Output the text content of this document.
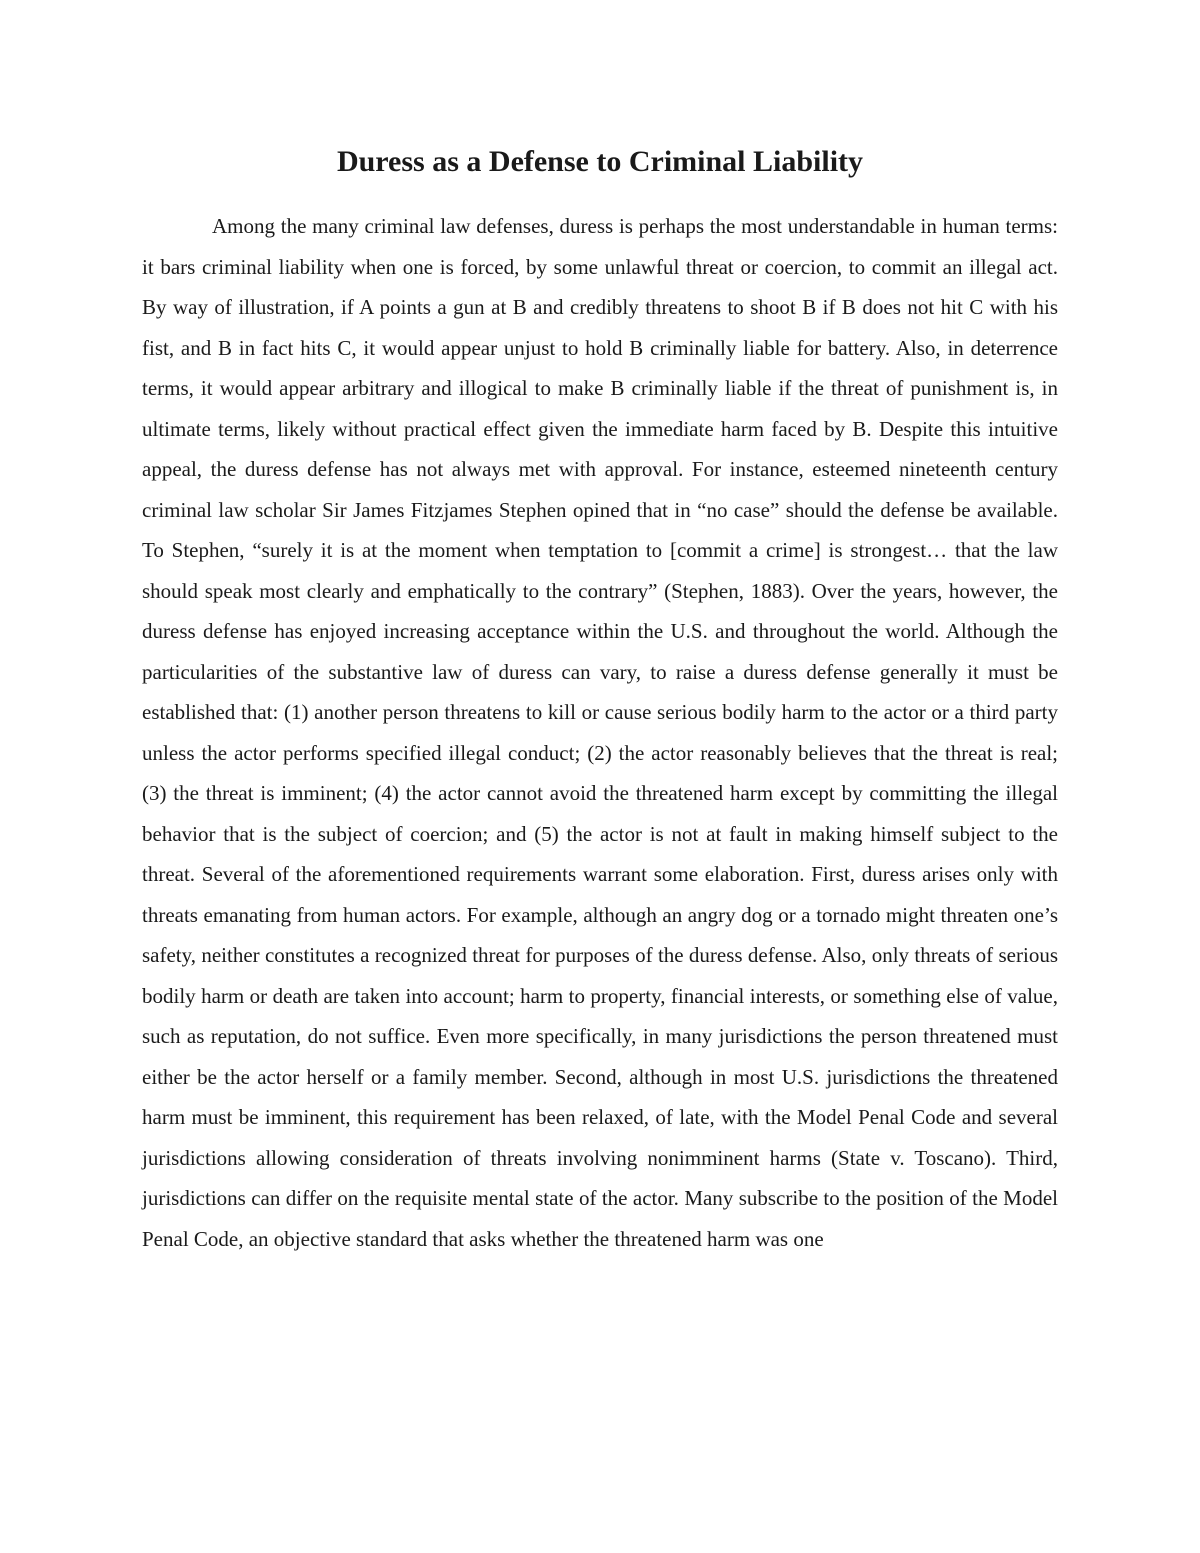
Duress as a Defense to Criminal Liability

Among the many criminal law defenses, duress is perhaps the most understandable in human terms: it bars criminal liability when one is forced, by some unlawful threat or coercion, to commit an illegal act. By way of illustration, if A points a gun at B and credibly threatens to shoot B if B does not hit C with his fist, and B in fact hits C, it would appear unjust to hold B criminally liable for battery. Also, in deterrence terms, it would appear arbitrary and illogical to make B criminally liable if the threat of punishment is, in ultimate terms, likely without practical effect given the immediate harm faced by B. Despite this intuitive appeal, the duress defense has not always met with approval. For instance, esteemed nineteenth century criminal law scholar Sir James Fitzjames Stephen opined that in “no case” should the defense be available. To Stephen, “surely it is at the moment when temptation to [commit a crime] is strongest… that the law should speak most clearly and emphatically to the contrary” (Stephen, 1883). Over the years, however, the duress defense has enjoyed increasing acceptance within the U.S. and throughout the world. Although the particularities of the substantive law of duress can vary, to raise a duress defense generally it must be established that: (1) another person threatens to kill or cause serious bodily harm to the actor or a third party unless the actor performs specified illegal conduct; (2) the actor reasonably believes that the threat is real; (3) the threat is imminent; (4) the actor cannot avoid the threatened harm except by committing the illegal behavior that is the subject of coercion; and (5) the actor is not at fault in making himself subject to the threat. Several of the aforementioned requirements warrant some elaboration. First, duress arises only with threats emanating from human actors. For example, although an angry dog or a tornado might threaten one’s safety, neither constitutes a recognized threat for purposes of the duress defense. Also, only threats of serious bodily harm or death are taken into account; harm to property, financial interests, or something else of value, such as reputation, do not suffice. Even more specifically, in many jurisdictions the person threatened must either be the actor herself or a family member. Second, although in most U.S. jurisdictions the threatened harm must be imminent, this requirement has been relaxed, of late, with the Model Penal Code and several jurisdictions allowing consideration of threats involving nonimminent harms (State v. Toscano). Third, jurisdictions can differ on the requisite mental state of the actor. Many subscribe to the position of the Model Penal Code, an objective standard that asks whether the threatened harm was one
